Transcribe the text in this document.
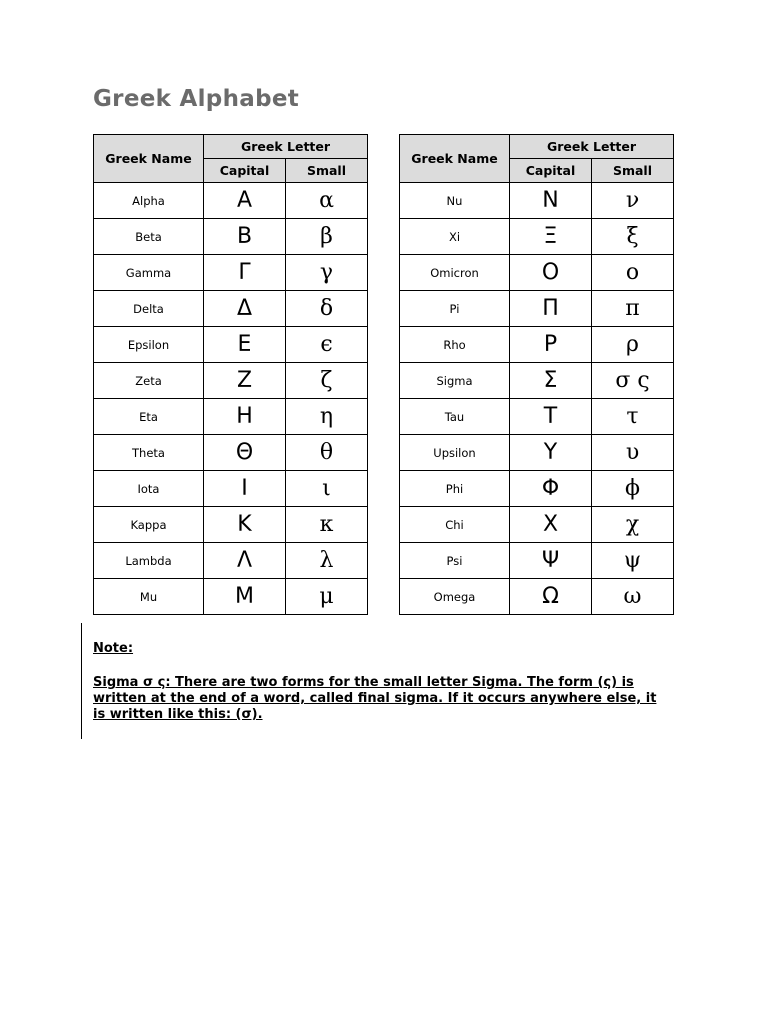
Greek Alphabet
Greek Name	Greek Letter	
	Capital	Small
Alpha	Α	α
Beta	Β	β
Gamma	Γ	γ
Delta	Δ	δ
Epsilon	Ε	ϵ
Zeta	Ζ	ζ
Eta	Η	η
Theta	Θ	θ
Iota	Ι	ι
Kappa	Κ	κ
Lambda	Λ	λ
Mu	Μ	μ
Greek Name	Greek Letter	
	Capital	Small
Nu	Ν	ν
Xi	Ξ	ξ
Omicron	Ο	ο
Pi	Π	π
Rho	Ρ	ρ
Sigma	Σ	σ ς
Tau	Τ	τ
Upsilon	Υ	υ
Phi	Φ	ϕ
Chi	Χ	χ
Psi	Ψ	ψ
Omega	Ω	ω
Note:
Sigma σ ς: There are two forms for the small letter Sigma. The form (ς) is written at the end of a word, called final sigma. If it occurs anywhere else, it is written like this: (σ).
